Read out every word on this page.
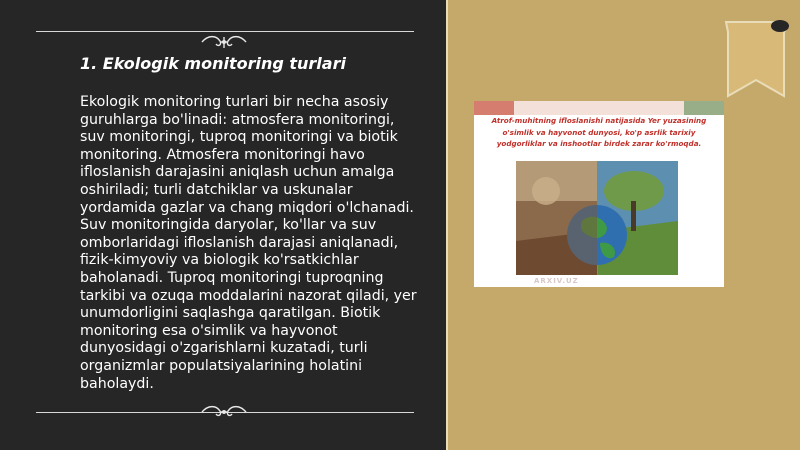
1. Ekologik monitoring turlari
Ekologik monitoring turlari bir necha asosiy guruhlarga bo'linadi: atmosfera monitoringi, suv monitoringi, tuproq monitoringi va biotik monitoring. Atmosfera monitoringi havo ifloslanish darajasini aniqlash uchun amalga oshiriladi; turli datchiklar va uskunalar yordamida gazlar va chang miqdori o'lchanadi. Suv monitoringida daryolar, ko'llar va suv omborlaridagi ifloslanish darajasi aniqlanadi, fizik-kimyoviy va biologik ko'rsatkichlar baholanadi. Tuproq monitoringi tuproqning tarkibi va ozuqa moddalarini nazorat qiladi, yer unumdorligini saqlashga qaratilgan. Biotik monitoring esa o'simlik va hayvonot dunyosidagi o'zgarishlarni kuzatadi, turli organizmlar populatsiyalarining holatini baholaydi.
Atrof-muhitning ifloslanishi natijasida Yer yuzasining o'simlik va hayvonot dunyosi, ko'p asrlik tarixiy yodgorliklar va inshootlar birdek zarar ko'rmoqda.
ARXIV.UZ
